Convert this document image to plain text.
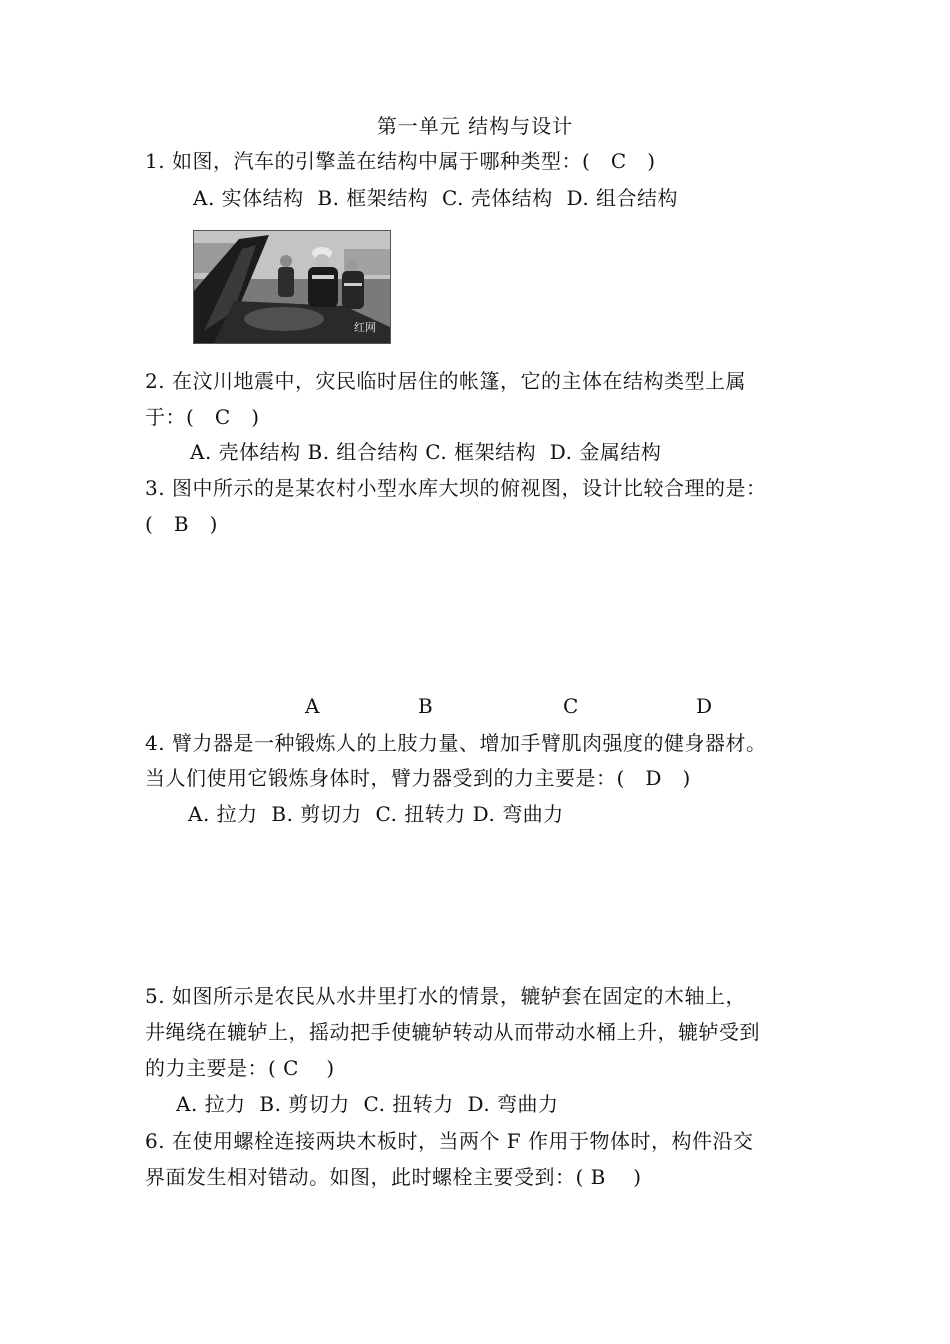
第一单元 结构与设计
1. 如图，汽车的引擎盖在结构中属于哪种类型：(   C   )
A. 实体结构  B. 框架结构  C. 壳体结构  D. 组合结构
红网
2. 在汶川地震中，灾民临时居住的帐篷，它的主体在结构类型上属
于：(   C   )
A. 壳体结构 B. 组合结构 C. 框架结构  D. 金属结构
3. 图中所示的是某农村小型水库大坝的俯视图，设计比较合理的是：
(   B   )
A	B	C	D
4. 臂力器是一种锻炼人的上肢力量、增加手臂肌肉强度的健身器材。
当人们使用它锻炼身体时，臂力器受到的力主要是：(   D   )
A. 拉力  B. 剪切力  C. 扭转力 D. 弯曲力
5. 如图所示是农民从水井里打水的情景，辘轳套在固定的木轴上，
井绳绕在辘轳上，摇动把手使辘轳转动从而带动水桶上升，辘轳受到
的力主要是：( C    )
A. 拉力  B. 剪切力  C. 扭转力  D. 弯曲力
6. 在使用螺栓连接两块木板时，当两个 F 作用于物体时，构件沿交
界面发生相对错动。如图，此时螺栓主要受到：( B    )
